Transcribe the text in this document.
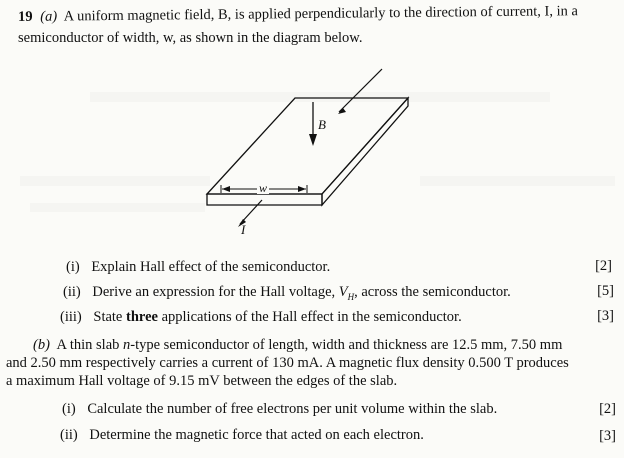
19 (a) A uniform magnetic field, B, is applied perpendicularly to the direction of current, I, in a
semiconductor of width, w, as shown in the diagram below.
B
w
I
(i) Explain Hall effect of the semiconductor.	[2]
(ii) Derive an expression for the Hall voltage, $V_H$, across the semiconductor.	[5]
(iii) State three applications of the Hall effect in the semiconductor.	[3]
(b) A thin slab n-type semiconductor of length, width and thickness are 12.5 mm, 7.50 mm
and 2.50 mm respectively carries a current of 130 mA. A magnetic flux density 0.500 T produces
a maximum Hall voltage of 9.15 mV between the edges of the slab.
(i) Calculate the number of free electrons per unit volume within the slab.	[2]
(ii) Determine the magnetic force that acted on each electron.	[3]
